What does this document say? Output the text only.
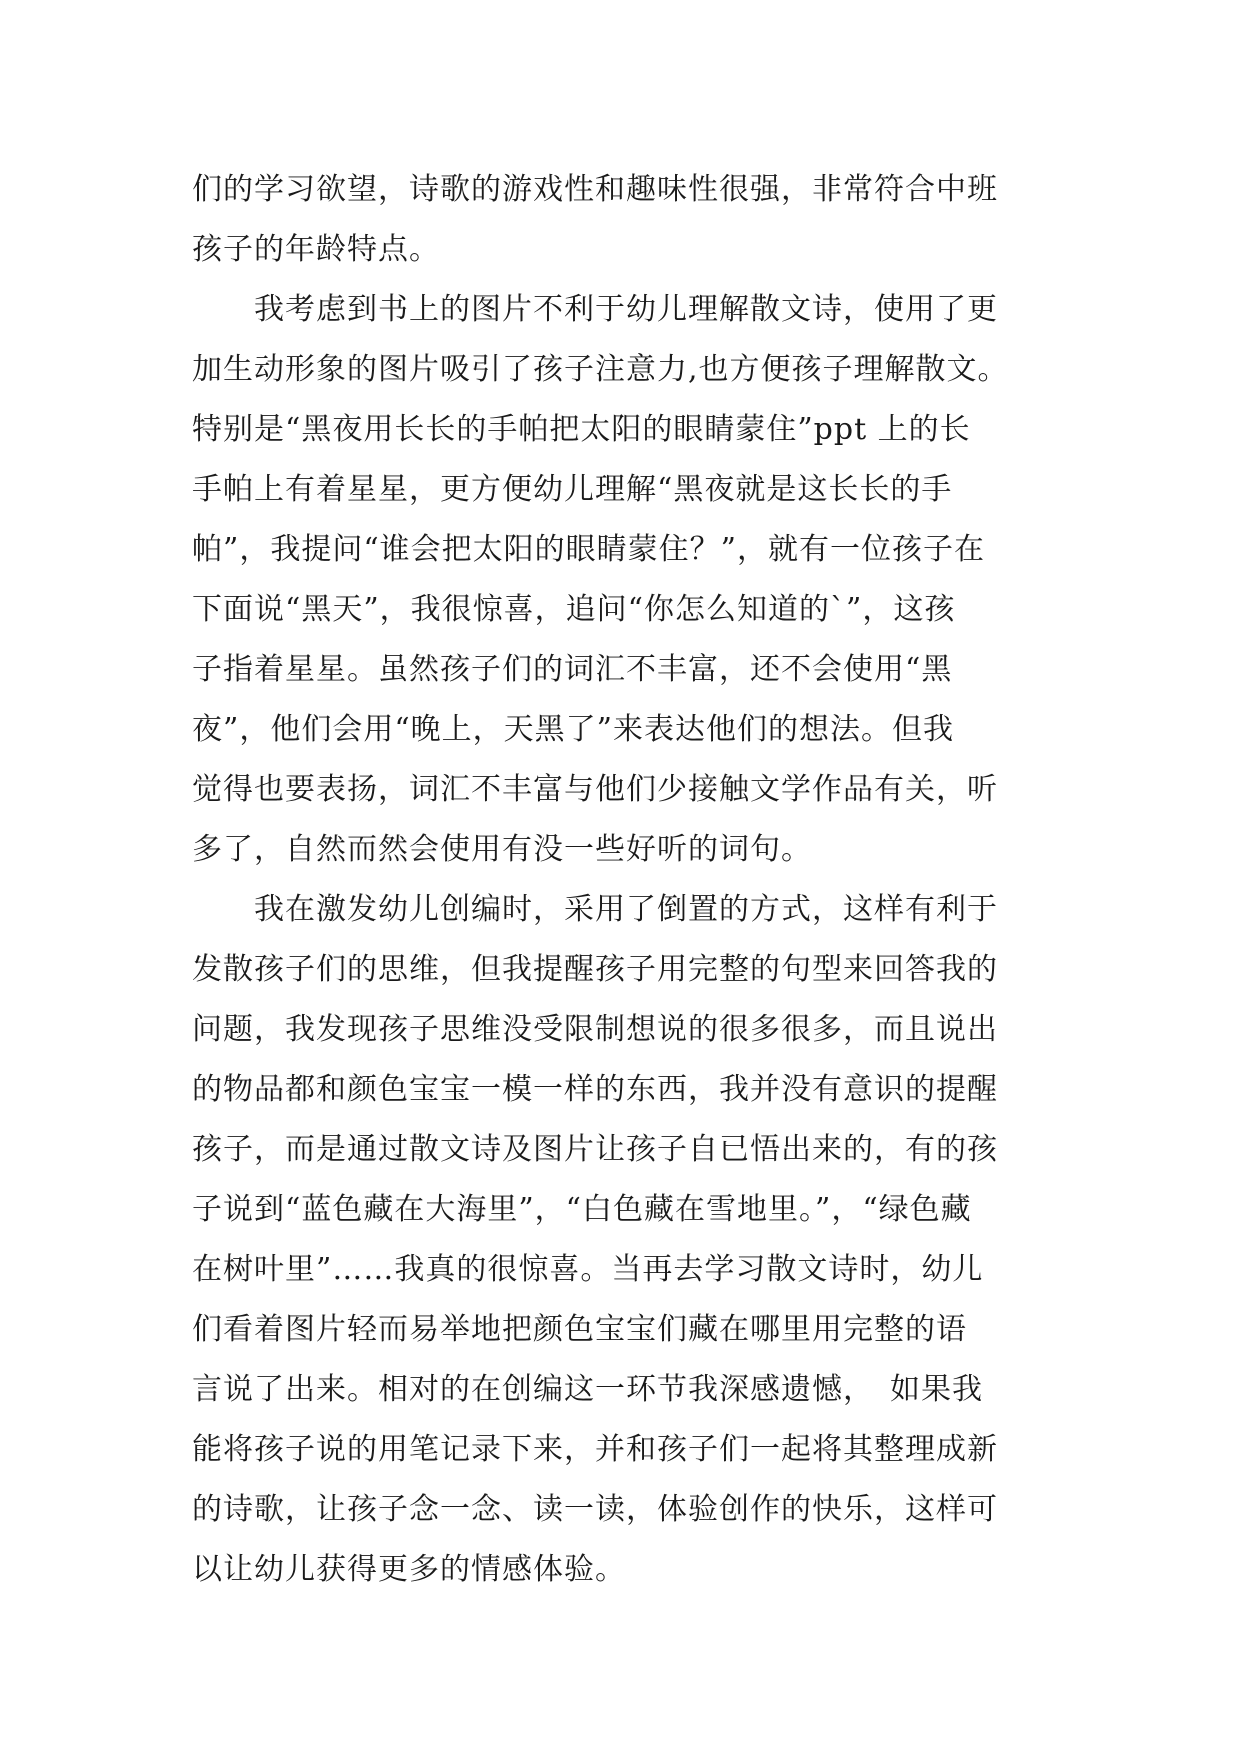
们的学习欲望，诗歌的游戏性和趣味性很强，非常符合中班
孩子的年龄特点。
　　我考虑到书上的图片不利于幼儿理解散文诗，使用了更
加生动形象的图片吸引了孩子注意力,也方便孩子理解散文。
特别是“黑夜用长长的手帕把太阳的眼睛蒙住”ppt 上的长
手帕上有着星星，更方便幼儿理解“黑夜就是这长长的手
帕”，我提问“谁会把太阳的眼睛蒙住？”，就有一位孩子在
下面说“黑天”，我很惊喜，追问“你怎么知道的`”，这孩
子指着星星。虽然孩子们的词汇不丰富，还不会使用“黑
夜”，他们会用“晚上，天黑了”来表达他们的想法。但我
觉得也要表扬，词汇不丰富与他们少接触文学作品有关，听
多了，自然而然会使用有没一些好听的词句。
　　我在激发幼儿创编时，采用了倒置的方式，这样有利于
发散孩子们的思维，但我提醒孩子用完整的句型来回答我的
问题，我发现孩子思维没受限制想说的很多很多，而且说出
的物品都和颜色宝宝一模一样的东西，我并没有意识的提醒
孩子，而是通过散文诗及图片让孩子自已悟出来的，有的孩
子说到“蓝色藏在大海里”，“白色藏在雪地里。”，“绿色藏
在树叶里”……我真的很惊喜。当再去学习散文诗时，幼儿
们看着图片轻而易举地把颜色宝宝们藏在哪里用完整的语
言说了出来。相对的在创编这一环节我深感遗憾，　如果我
能将孩子说的用笔记录下来，并和孩子们一起将其整理成新
的诗歌，让孩子念一念、读一读，体验创作的快乐，这样可
以让幼儿获得更多的情感体验。
